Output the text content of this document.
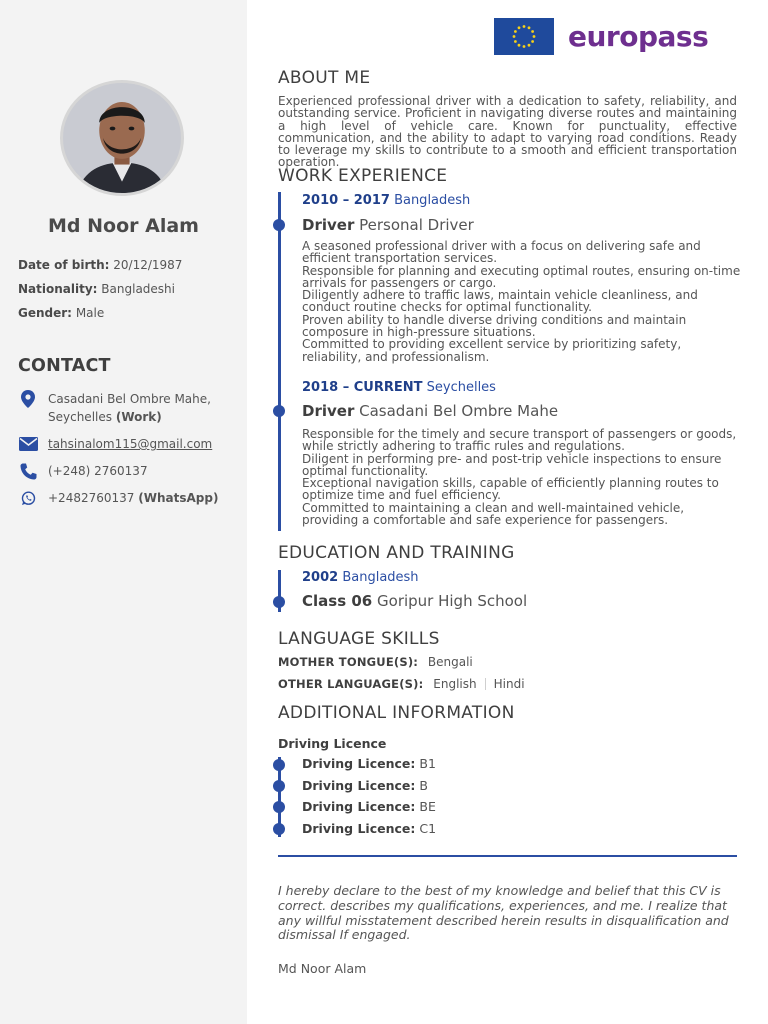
Md Noor Alam
Date of birth: 20/12/1987
Nationality: Bangladeshi
Gender: Male
CONTACT
Casadani Bel Ombre Mahe,
Seychelles (Work)
tahsinalom115@gmail.com
(+248) 2760137
+2482760137 (WhatsApp)
europass
ABOUT ME
Experienced professional driver with a dedication to safety, reliability, and outstanding service. Proficient in navigating diverse routes and maintaining a high level of vehicle care. Known for punctuality, effective communication, and the ability to adapt to varying road conditions. Ready to leverage my skills to contribute to a smooth and efficient transportation operation.
WORK EXPERIENCE
2010 – 2017 Bangladesh
Driver Personal Driver
A seasoned professional driver with a focus on delivering safe and efficient transportation services.
Responsible for planning and executing optimal routes, ensuring on-time arrivals for passengers or cargo.
Diligently adhere to traffic laws, maintain vehicle cleanliness, and conduct routine checks for optimal functionality.
Proven ability to handle diverse driving conditions and maintain composure in high-pressure situations.
Committed to providing excellent service by prioritizing safety, reliability, and professionalism.
2018 – CURRENT Seychelles
Driver Casadani Bel Ombre Mahe
Responsible for the timely and secure transport of passengers or goods, while strictly adhering to traffic rules and regulations.
Diligent in performing pre- and post-trip vehicle inspections to ensure optimal functionality.
Exceptional navigation skills, capable of efficiently planning routes to optimize time and fuel efficiency.
Committed to maintaining a clean and well-maintained vehicle, providing a comfortable and safe experience for passengers.
EDUCATION AND TRAINING
2002 Bangladesh
Class 06 Goripur High School
LANGUAGE SKILLS
MOTHER TONGUE(S): Bengali
OTHER LANGUAGE(S): English Hindi
ADDITIONAL INFORMATION
Driving Licence
Driving Licence: B1
Driving Licence: B
Driving Licence: BE
Driving Licence: C1
I hereby declare to the best of my knowledge and belief that this CV is correct. describes my qualifications, experiences, and me. I realize that any willful misstatement described herein results in disqualification and dismissal If engaged.
Md Noor Alam
